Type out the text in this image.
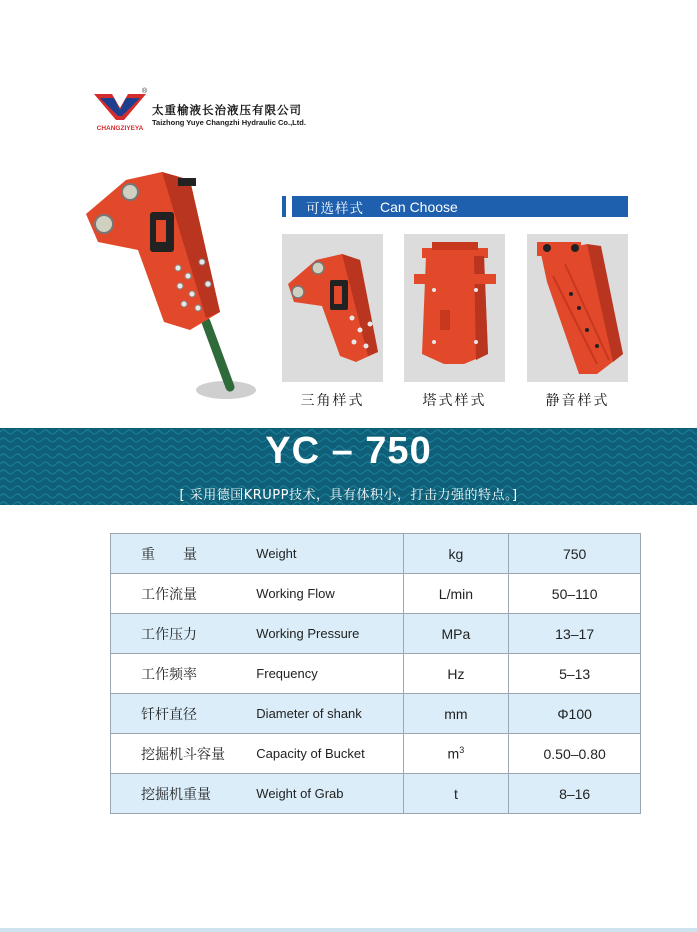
CHANGZIYEYA
®
太重榆液长治液压有限公司
Taizhong Yuye Changzhi Hydraulic Co.,Ltd.
可选样式 Can Choose
三角样式	塔式样式	静音样式
YC – 750
[ 采用德国KRUPP技术，具有体积小，打击力强的特点。]
重　　量	Weight	kg	750
工作流量	Working Flow	L/min	50–110
工作压力	Working Pressure	MPa	13–17
工作频率	Frequency	Hz	5–13
钎杆直径	Diameter of shank	mm	Φ100
挖掘机斗容量	Capacity of Bucket	$m^3$	0.50–0.80
挖掘机重量	Weight of Grab	t	8–16
